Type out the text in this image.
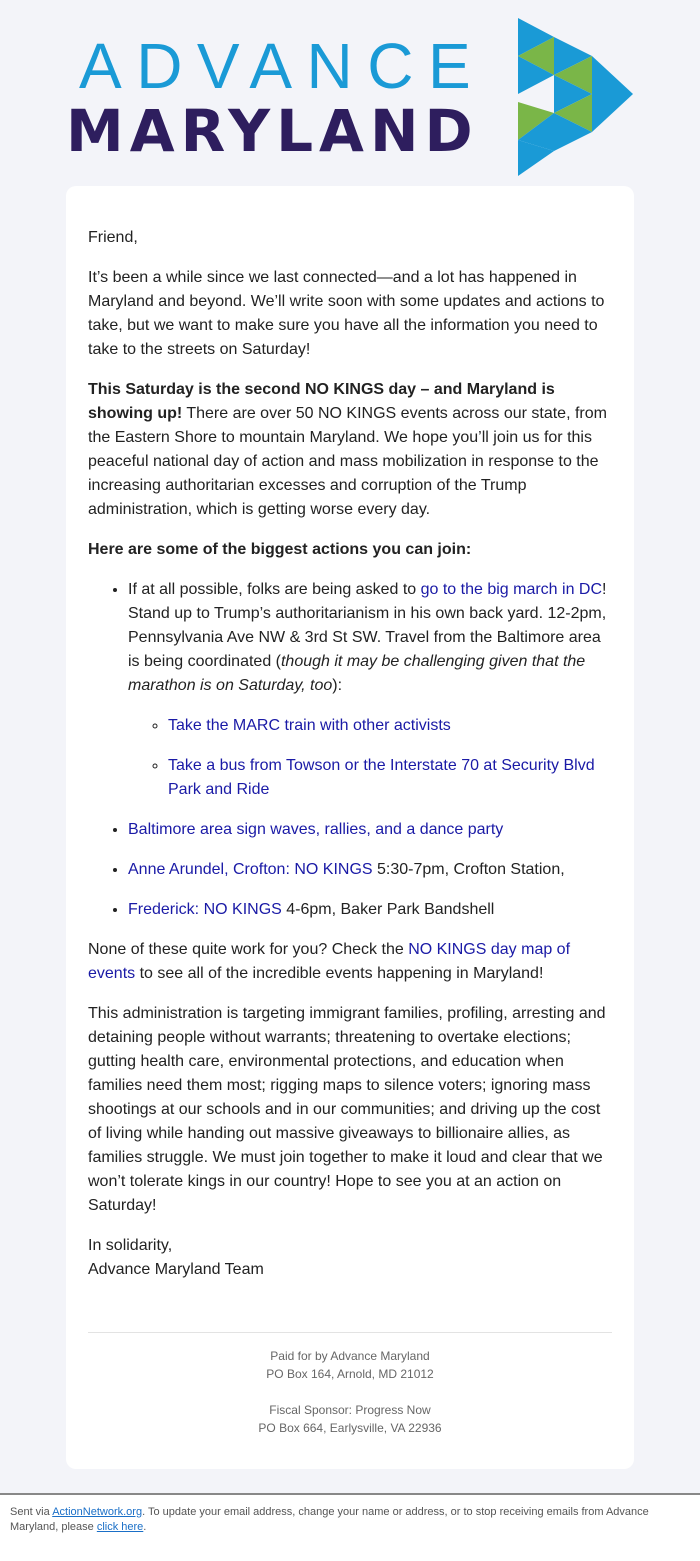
ADVANCE
MARYLAND

Friend,

It’s been a while since we last connected—and a lot has happened in Maryland and beyond. We’ll write soon with some updates and actions to take, but we want to make sure you have all the information you need to take to the streets on Saturday!

This Saturday is the second NO KINGS day – and Maryland is showing up! There are over 50 NO KINGS events across our state, from the Eastern Shore to mountain Maryland. We hope you’ll join us for this peaceful national day of action and mass mobilization in response to the increasing authoritarian excesses and corruption of the Trump administration, which is getting worse every day.

Here are some of the biggest actions you can join:

• If at all possible, folks are being asked to go to the big march in DC! Stand up to Trump’s authoritarianism in his own back yard. 12-2pm, Pennsylvania Ave NW & 3rd St SW. Travel from the Baltimore area is being coordinated (though it may be challenging given that the marathon is on Saturday, too):
◦ Take the MARC train with other activists
◦ Take a bus from Towson or the Interstate 70 at Security Blvd Park and Ride
• Baltimore area sign waves, rallies, and a dance party
• Anne Arundel, Crofton: NO KINGS 5:30-7pm, Crofton Station,
• Frederick: NO KINGS 4-6pm, Baker Park Bandshell

None of these quite work for you? Check the NO KINGS day map of events to see all of the incredible events happening in Maryland!

This administration is targeting immigrant families, profiling, arresting and detaining people without warrants; threatening to overtake elections; gutting health care, environmental protections, and education when families need them most; rigging maps to silence voters; ignoring mass shootings at our schools and in our communities; and driving up the cost of living while handing out massive giveaways to billionaire allies, as families struggle. We must join together to make it loud and clear that we won’t tolerate kings in our country! Hope to see you at an action on Saturday!

In solidarity,
Advance Maryland Team

Paid for by Advance Maryland
PO Box 164, Arnold, MD 21012
Fiscal Sponsor: Progress Now
PO Box 664, Earlysville, VA 22936
Sent via ActionNetwork.org. To update your email address, change your name or address, or to stop receiving emails from Advance Maryland, please click here.
